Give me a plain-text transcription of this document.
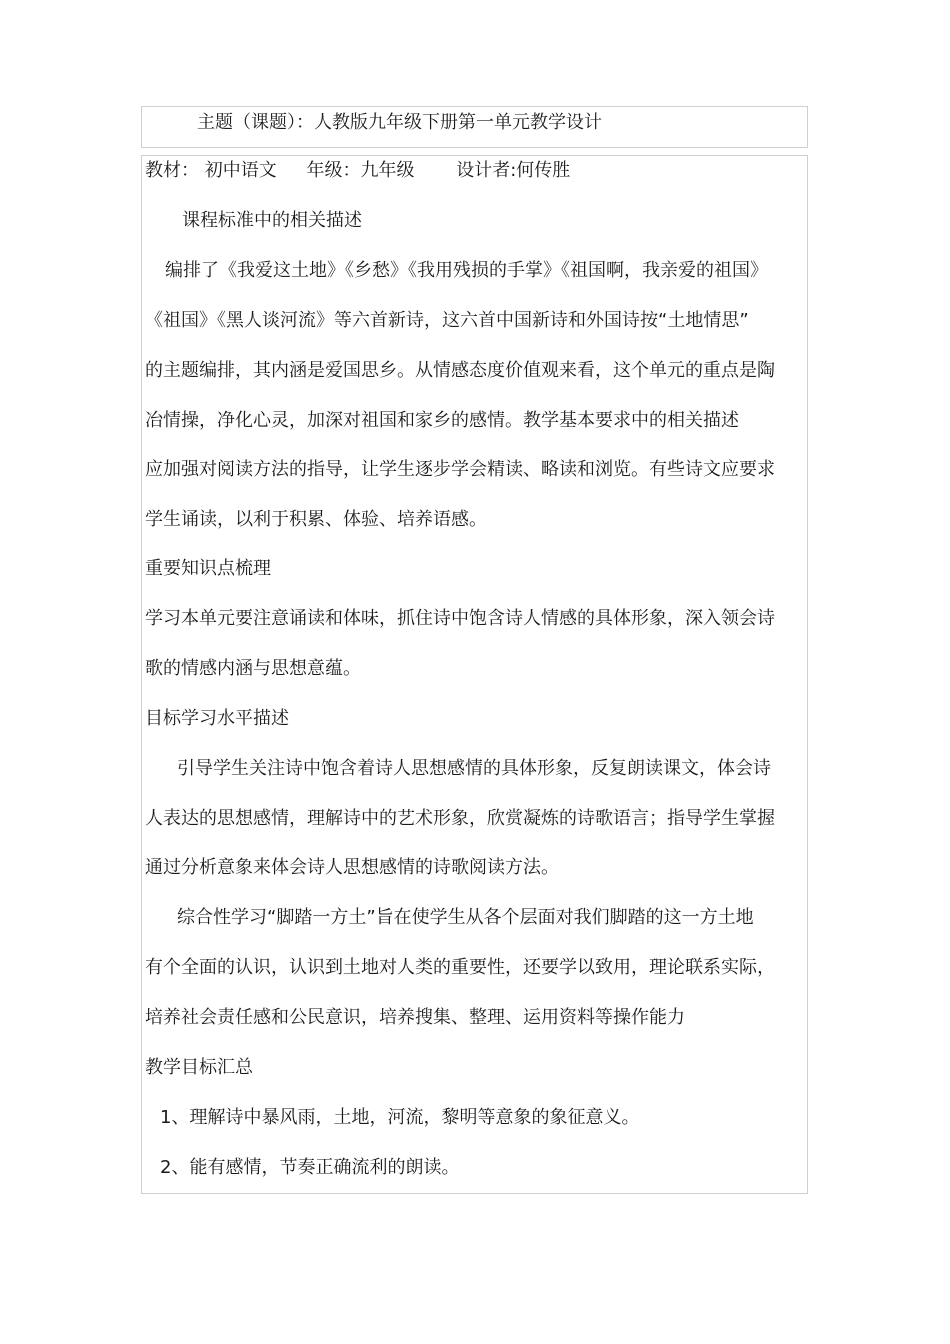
主题（课题）：人教版九年级下册第一单元教学设计
教材： 初中语文 年级：九年级 设计者:何传胜
课程标准中的相关描述
编排了《我爱这土地》《乡愁》《我用残损的手掌》《祖国啊，我亲爱的祖国》
《祖国》《黑人谈河流》等六首新诗，这六首中国新诗和外国诗按“土地情思”
的主题编排，其内涵是爱国思乡。从情感态度价值观来看，这个单元的重点是陶
冶情操，净化心灵，加深对祖国和家乡的感情。教学基本要求中的相关描述
应加强对阅读方法的指导，让学生逐步学会精读、略读和浏览。有些诗文应要求
学生诵读，以利于积累、体验、培养语感。
重要知识点梳理
学习本单元要注意诵读和体味，抓住诗中饱含诗人情感的具体形象，深入领会诗
歌的情感内涵与思想意蕴。
目标学习水平描述
引导学生关注诗中饱含着诗人思想感情的具体形象，反复朗读课文，体会诗
人表达的思想感情，理解诗中的艺术形象，欣赏凝炼的诗歌语言；指导学生掌握
通过分析意象来体会诗人思想感情的诗歌阅读方法。
综合性学习“脚踏一方土”旨在使学生从各个层面对我们脚踏的这一方土地
有个全面的认识，认识到土地对人类的重要性，还要学以致用，理论联系实际，
培养社会责任感和公民意识，培养搜集、整理、运用资料等操作能力
教学目标汇总
1、理解诗中暴风雨，土地，河流，黎明等意象的象征意义。
2、能有感情，节奏正确流利的朗读。
